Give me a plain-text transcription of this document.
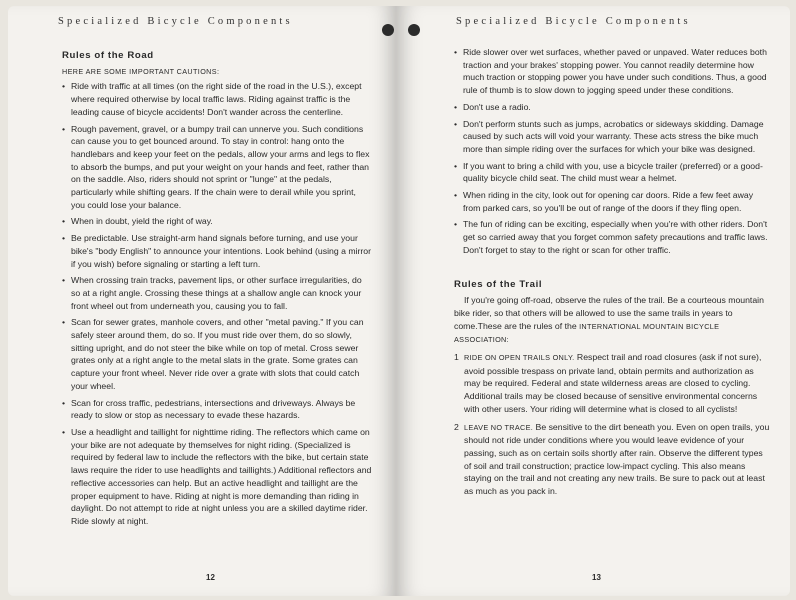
Specialized Bicycle Components
Rules of the Road
HERE ARE SOME IMPORTANT CAUTIONS:
• Ride with traffic at all times (on the right side of the road in the U.S.), except where required otherwise by local traffic laws. Riding against traffic is the leading cause of bicycle accidents! Don't wander across the centerline.
• Rough pavement, gravel, or a bumpy trail can unnerve you. Such conditions can cause you to get bounced around. To stay in control: hang onto the handlebars and keep your feet on the pedals, allow your arms and legs to flex to absorb the bumps, and put your weight on your hands and feet, rather than on the saddle. Also, riders should not sprint or "lunge" at the pedals, particularly while shifting gears. If the chain were to derail while you sprint, you could lose your balance.
• When in doubt, yield the right of way.
• Be predictable. Use straight-arm hand signals before turning, and use your bike's "body English" to announce your intentions. Look behind (using a mirror if you wish) before signaling or starting a left turn.
• When crossing train tracks, pavement lips, or other surface irregularities, do so at a right angle. Crossing these things at a shallow angle can knock your front wheel out from underneath you, causing you to fall.
• Scan for sewer grates, manhole covers, and other "metal paving." If you can safely steer around them, do so. If you must ride over them, do so slowly, sitting upright, and do not steer the bike while on top of metal. Cross sewer grates only at a right angle to the metal slats in the grate. Some grates can capture your front wheel. Never ride over a grate with slots that could catch your wheel.
• Scan for cross traffic, pedestrians, intersections and driveways. Always be ready to slow or stop as necessary to evade these hazards.
• Use a headlight and taillight for nighttime riding. The reflectors which came on your bike are not adequate by themselves for night riding. (Specialized is required by federal law to include the reflectors with the bike, but certain state laws require the rider to use headlights and taillights.) Additional reflectors and reflective accessories can help. But an active headlight and taillight are the proper equipment to have. Riding at night is more demanding than riding in daylight. Do not attempt to ride at night unless you are a skilled daytime rider. Ride slowly at night.
12
Specialized Bicycle Components
• Ride slower over wet surfaces, whether paved or unpaved. Water reduces both traction and your brakes' stopping power. You cannot readily determine how much traction or stopping power you have under such conditions. Thus, a good rule of thumb is to slow down to jogging speed under these conditions.
• Don't use a radio.
• Don't perform stunts such as jumps, acrobatics or sideways skidding. Damage caused by such acts will void your warranty. These acts stress the bike much more than simple riding over the surfaces for which your bike was designed.
• If you want to bring a child with you, use a bicycle trailer (preferred) or a good-quality bicycle child seat. The child must wear a helmet.
• When riding in the city, look out for opening car doors. Ride a few feet away from parked cars, so you'll be out of range of the doors if they fling open.
• The fun of riding can be exciting, especially when you're with other riders. Don't get so carried away that you forget common safety precautions and traffic laws. Don't forget to stay to the right or scan for other traffic.
Rules of the Trail

If you're going off-road, observe the rules of the trail. Be a courteous mountain bike rider, so that others will be allowed to use the same trails in years to come.These are the rules of the INTERNATIONAL MOUNTAIN BICYCLE ASSOCIATION:

1 RIDE ON OPEN TRAILS ONLY. Respect trail and road closures (ask if not sure), avoid possible trespass on private land, obtain permits and authorization as may be required. Federal and state wilderness areas are closed to cycling. Additional trails may be closed because of sensitive environmental concerns with other users. Your riding will determine what is closed to all cyclists!
2 LEAVE NO TRACE. Be sensitive to the dirt beneath you. Even on open trails, you should not ride under conditions where you would leave evidence of your passing, such as on certain soils shortly after rain. Observe the different types of soil and trail construction; practice low-impact cycling. This also means staying on the trail and not creating any new trails. Be sure to pack out at least as much as you pack in.
13
